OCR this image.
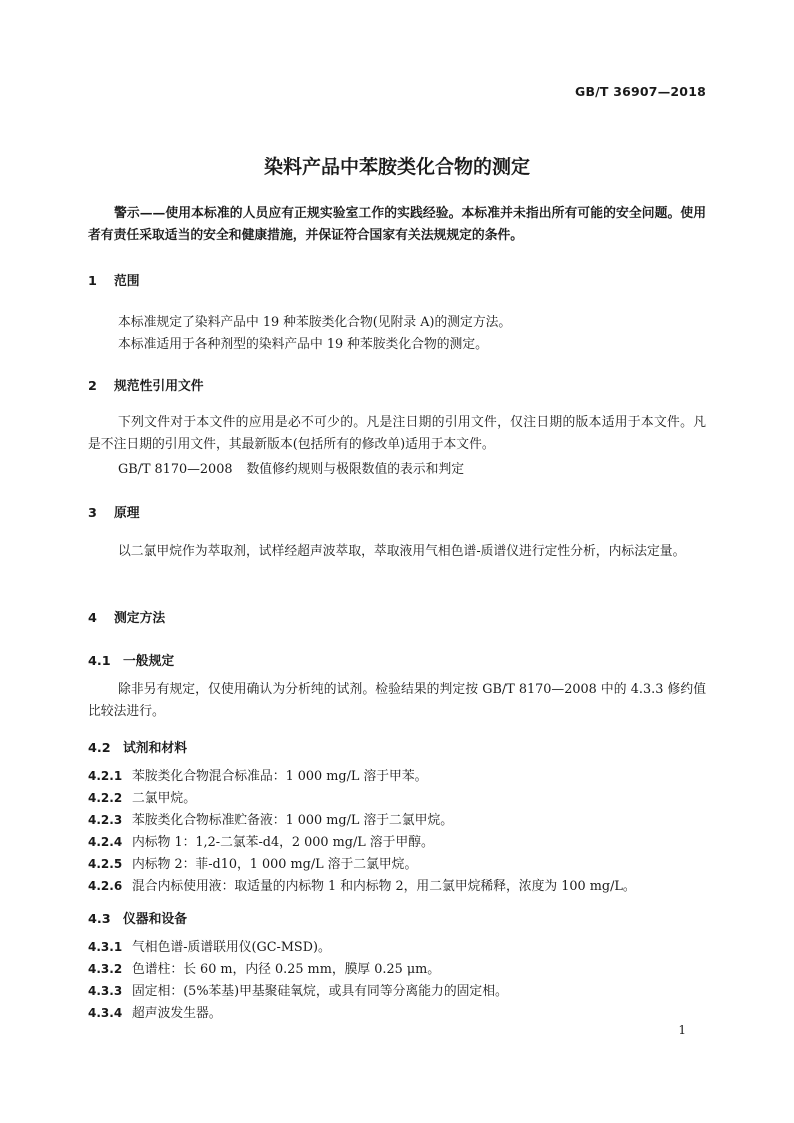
GB/T 36907—2018
染料产品中苯胺类化合物的测定
警示——使用本标准的人员应有正规实验室工作的实践经验。本标准并未指出所有可能的安全问题。使用者有责任采取适当的安全和健康措施，并保证符合国家有关法规规定的条件。
1 范围
本标准规定了染料产品中 19 种苯胺类化合物(见附录 A)的测定方法。
本标准适用于各种剂型的染料产品中 19 种苯胺类化合物的测定。
2 规范性引用文件
下列文件对于本文件的应用是必不可少的。凡是注日期的引用文件，仅注日期的版本适用于本文件。凡是不注日期的引用文件，其最新版本(包括所有的修改单)适用于本文件。
GB/T 8170—2008 数值修约规则与极限数值的表示和判定
3 原理
以二氯甲烷作为萃取剂，试样经超声波萃取，萃取液用气相色谱-质谱仪进行定性分析，内标法定量。
4 测定方法
4.1 一般规定
除非另有规定，仅使用确认为分析纯的试剂。检验结果的判定按 GB/T 8170—2008 中的 4.3.3 修约值比较法进行。
4.2 试剂和材料
4.2.1 苯胺类化合物混合标准品：1 000 mg/L 溶于甲苯。
4.2.2 二氯甲烷。
4.2.3 苯胺类化合物标准贮备液：1 000 mg/L 溶于二氯甲烷。
4.2.4 内标物 1：1,2-二氯苯-d4，2 000 mg/L 溶于甲醇。
4.2.5 内标物 2：菲-d10，1 000 mg/L 溶于二氯甲烷。
4.2.6 混合内标使用液：取适量的内标物 1 和内标物 2，用二氯甲烷稀释，浓度为 100 mg/L。
4.3 仪器和设备
4.3.1 气相色谱-质谱联用仪(GC-MSD)。
4.3.2 色谱柱：长 60 m，内径 0.25 mm，膜厚 0.25 μm。
4.3.3 固定相：(5%苯基)甲基聚硅氧烷，或具有同等分离能力的固定相。
4.3.4 超声波发生器。
1
